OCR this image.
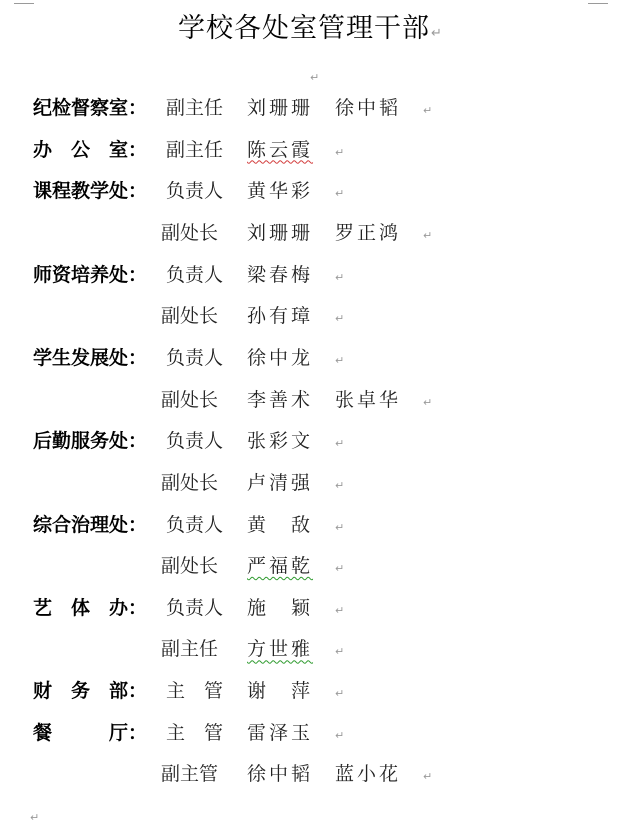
学校各处室管理干部↵
↵
纪检督察室： 副主任 刘珊珊 徐中韬 ↵
办　公　室： 副主任 陈云霞 ↵
课程教学处： 负责人 黄华彩 ↵
副处长 刘珊珊 罗正鸿 ↵
师资培养处： 负责人 梁春梅 ↵
副处长 孙有璋 ↵
学生发展处： 负责人 徐中龙 ↵
副处长 李善术 张卓华 ↵
后勤服务处： 负责人 张彩文 ↵
副处长 卢清强 ↵
综合治理处： 负责人 黄　敌 ↵
副处长 严福乾 ↵
艺　体　办： 负责人 施　颖 ↵
副主任 方世雅 ↵
财　务　部： 主　管 谢　萍 ↵
餐　　　厅： 主　管 雷泽玉 ↵
副主管 徐中韬 蓝小花 ↵
↵
